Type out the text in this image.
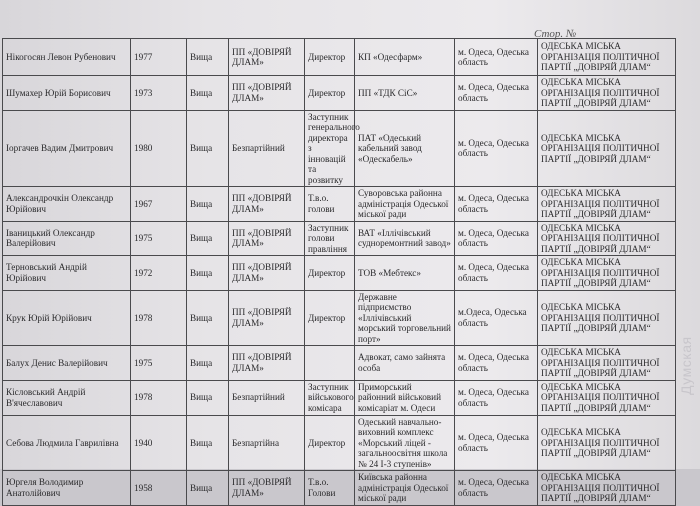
Стор. №
Нікогосян Левон Рубенович	1977	Вища	ПП «ДОВІРЯЙ ДЛАМ»	Директор	КП «Одесфарм»	м. Одеса, Одеська область	ОДЕСЬКА МІСЬКА ОРГАНІЗАЦІЯ ПОЛІТИЧНОЇ ПАРТІЇ „ДОВІРЯЙ ДЛАМ“
Шумахер Юрій Борисович	1973	Вища	ПП «ДОВІРЯЙ ДЛАМ»	Директор	ПП «ТДК СіС»	м. Одеса, Одеська область	ОДЕСЬКА МІСЬКА ОРГАНІЗАЦІЯ ПОЛІТИЧНОЇ ПАРТІЇ „ДОВІРЯЙ ДЛАМ“
Іоргачев Вадим Дмитрович	1980	Вища	Безпартійний	Заступник генерального директора з інновацій та розвитку	ПАТ «Одеський кабельний завод «Одескабель»	м. Одеса, Одеська область	ОДЕСЬКА МІСЬКА ОРГАНІЗАЦІЯ ПОЛІТИЧНОЇ ПАРТІЇ „ДОВІРЯЙ ДЛАМ“
Александрочкін Олександр Юрійович	1967	Вища	ПП «ДОВІРЯЙ ДЛАМ»	Т.в.о. голови	Суворовська районна адміністрація Одеської міської ради	м. Одеса, Одеська область	ОДЕСЬКА МІСЬКА ОРГАНІЗАЦІЯ ПОЛІТИЧНОЇ ПАРТІЇ „ДОВІРЯЙ ДЛАМ“
Іваницький Олександр Валерійович	1975	Вища	ПП «ДОВІРЯЙ ДЛАМ»	Заступник голови правління	ВАТ «Іллічівський судноремонтний завод»	м. Одеса, Одеська область	ОДЕСЬКА МІСЬКА ОРГАНІЗАЦІЯ ПОЛІТИЧНОЇ ПАРТІЇ „ДОВІРЯЙ ДЛАМ“
Терновський Андрій Юрійович	1972	Вища	ПП «ДОВІРЯЙ ДЛАМ»	Директор	ТОВ «Мебтекс»	м. Одеса, Одеська область	ОДЕСЬКА МІСЬКА ОРГАНІЗАЦІЯ ПОЛІТИЧНОЇ ПАРТІЇ „ДОВІРЯЙ ДЛАМ“
Крук Юрій Юрійович	1978	Вища	ПП «ДОВІРЯЙ ДЛАМ»	Директор	Державне підприємство «Іллічівський морський торговельний порт»	м.Одеса, Одеська область	ОДЕСЬКА МІСЬКА ОРГАНІЗАЦІЯ ПОЛІТИЧНОЇ ПАРТІЇ „ДОВІРЯЙ ДЛАМ“
Балух Денис Валерійович	1975	Вища	ПП «ДОВІРЯЙ ДЛАМ»		Адвокат, само зайнята особа	м. Одеса, Одеська область	ОДЕСЬКА МІСЬКА ОРГАНІЗАЦІЯ ПОЛІТИЧНОЇ ПАРТІЇ „ДОВІРЯЙ ДЛАМ“
Кісловський Андрій В'ячеславович	1978	Вища	Безпартійний	Заступник військового комісара	Приморський районний військовий комісаріат м. Одеси	м. Одеса, Одеська область	ОДЕСЬКА МІСЬКА ОРГАНІЗАЦІЯ ПОЛІТИЧНОЇ ПАРТІЇ „ДОВІРЯЙ ДЛАМ“
Себова Людмила Гаврилівна	1940	Вища	Безпартійна	Директор	Одеський навчально-виховний комплекс «Морський ліцей - загальноосвітня школа № 24 І-3 ступенів»	м. Одеса, Одеська область	ОДЕСЬКА МІСЬКА ОРГАНІЗАЦІЯ ПОЛІТИЧНОЇ ПАРТІЇ „ДОВІРЯЙ ДЛАМ“
Юргеля Володимир Анатолійович	1958	Вища	ПП «ДОВІРЯЙ ДЛАМ»	Т.в.о. Голови	Київська районна адміністрація Одеської міської ради	м. Одеса, Одеська область	ОДЕСЬКА МІСЬКА ОРГАНІЗАЦІЯ ПОЛІТИЧНОЇ ПАРТІЇ „ДОВІРЯЙ ДЛАМ“
Думская
